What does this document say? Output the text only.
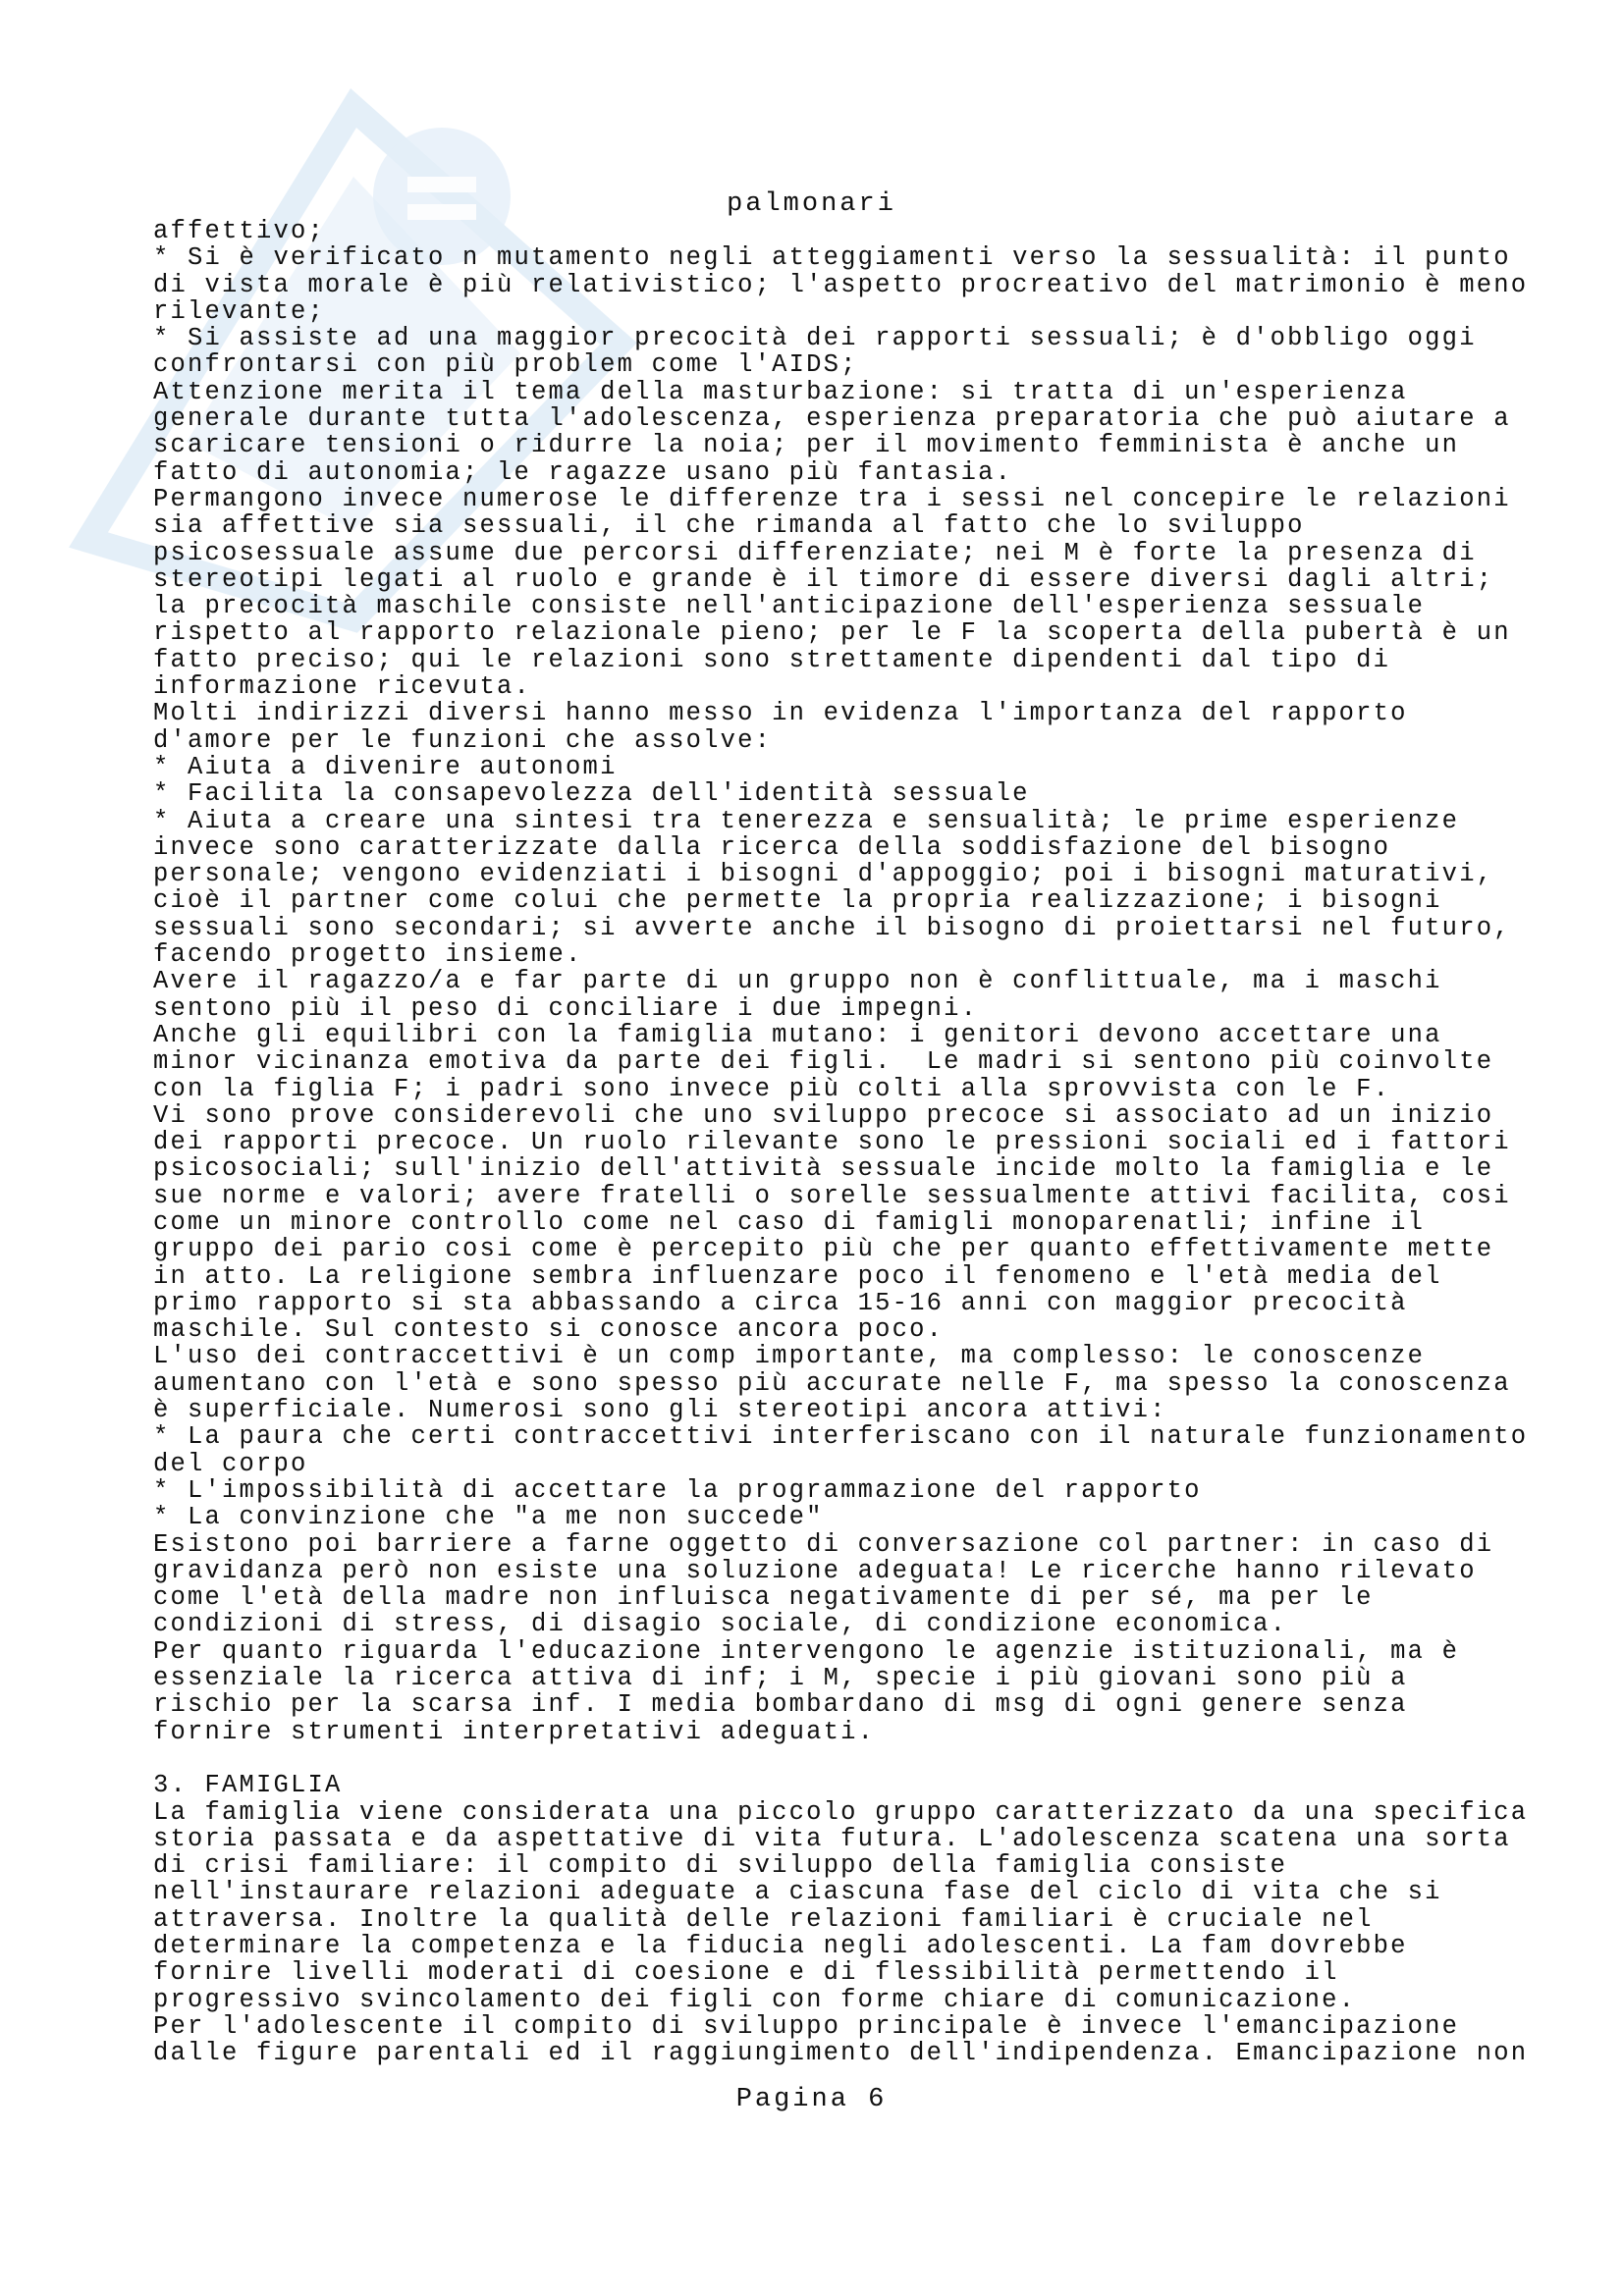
palmonari
affettivo;
* Si è verificato n mutamento negli atteggiamenti verso la sessualità: il punto
di vista morale è più relativistico; l'aspetto procreativo del matrimonio è meno
rilevante;
* Si assiste ad una maggior precocità dei rapporti sessuali; è d'obbligo oggi
confrontarsi con più problem come l'AIDS;
Attenzione merita il tema della masturbazione: si tratta di un'esperienza
generale durante tutta l'adolescenza, esperienza preparatoria che può aiutare a
scaricare tensioni o ridurre la noia; per il movimento femminista è anche un
fatto di autonomia; le ragazze usano più fantasia.
Permangono invece numerose le differenze tra i sessi nel concepire le relazioni
sia affettive sia sessuali, il che rimanda al fatto che lo sviluppo
psicosessuale assume due percorsi differenziate; nei M è forte la presenza di
stereotipi legati al ruolo e grande è il timore di essere diversi dagli altri;
la precocità maschile consiste nell'anticipazione dell'esperienza sessuale
rispetto al rapporto relazionale pieno; per le F la scoperta della pubertà è un
fatto preciso; qui le relazioni sono strettamente dipendenti dal tipo di
informazione ricevuta.
Molti indirizzi diversi hanno messo in evidenza l'importanza del rapporto
d'amore per le funzioni che assolve:
* Aiuta a divenire autonomi
* Facilita la consapevolezza dell'identità sessuale
* Aiuta a creare una sintesi tra tenerezza e sensualità; le prime esperienze
invece sono caratterizzate dalla ricerca della soddisfazione del bisogno
personale; vengono evidenziati i bisogni d'appoggio; poi i bisogni maturativi,
cioè il partner come colui che permette la propria realizzazione; i bisogni
sessuali sono secondari; si avverte anche il bisogno di proiettarsi nel futuro,
facendo progetto insieme.
Avere il ragazzo/a e far parte di un gruppo non è conflittuale, ma i maschi
sentono più il peso di conciliare i due impegni.
Anche gli equilibri con la famiglia mutano: i genitori devono accettare una
minor vicinanza emotiva da parte dei figli.  Le madri si sentono più coinvolte
con la figlia F; i padri sono invece più colti alla sprovvista con le F.
Vi sono prove considerevoli che uno sviluppo precoce si associato ad un inizio
dei rapporti precoce. Un ruolo rilevante sono le pressioni sociali ed i fattori
psicosociali; sull'inizio dell'attività sessuale incide molto la famiglia e le
sue norme e valori; avere fratelli o sorelle sessualmente attivi facilita, cosi
come un minore controllo come nel caso di famigli monoparenatli; infine il
gruppo dei pario cosi come è percepito più che per quanto effettivamente mette
in atto. La religione sembra influenzare poco il fenomeno e l'età media del
primo rapporto si sta abbassando a circa 15-16 anni con maggior precocità
maschile. Sul contesto si conosce ancora poco.
L'uso dei contraccettivi è un comp importante, ma complesso: le conoscenze
aumentano con l'età e sono spesso più accurate nelle F, ma spesso la conoscenza
è superficiale. Numerosi sono gli stereotipi ancora attivi:
* La paura che certi contraccettivi interferiscano con il naturale funzionamento
del corpo
* L'impossibilità di accettare la programmazione del rapporto
* La convinzione che "a me non succede"
Esistono poi barriere a farne oggetto di conversazione col partner: in caso di
gravidanza però non esiste una soluzione adeguata! Le ricerche hanno rilevato
come l'età della madre non influisca negativamente di per sé, ma per le
condizioni di stress, di disagio sociale, di condizione economica.
Per quanto riguarda l'educazione intervengono le agenzie istituzionali, ma è
essenziale la ricerca attiva di inf; i M, specie i più giovani sono più a
rischio per la scarsa inf. I media bombardano di msg di ogni genere senza
fornire strumenti interpretativi adeguati.
3. FAMIGLIA
La famiglia viene considerata una piccolo gruppo caratterizzato da una specifica
storia passata e da aspettative di vita futura. L'adolescenza scatena una sorta
di crisi familiare: il compito di sviluppo della famiglia consiste
nell'instaurare relazioni adeguate a ciascuna fase del ciclo di vita che si
attraversa. Inoltre la qualità delle relazioni familiari è cruciale nel
determinare la competenza e la fiducia negli adolescenti. La fam dovrebbe
fornire livelli moderati di coesione e di flessibilità permettendo il
progressivo svincolamento dei figli con forme chiare di comunicazione.
Per l'adolescente il compito di sviluppo principale è invece l'emancipazione
dalle figure parentali ed il raggiungimento dell'indipendenza. Emancipazione non
Pagina 6
